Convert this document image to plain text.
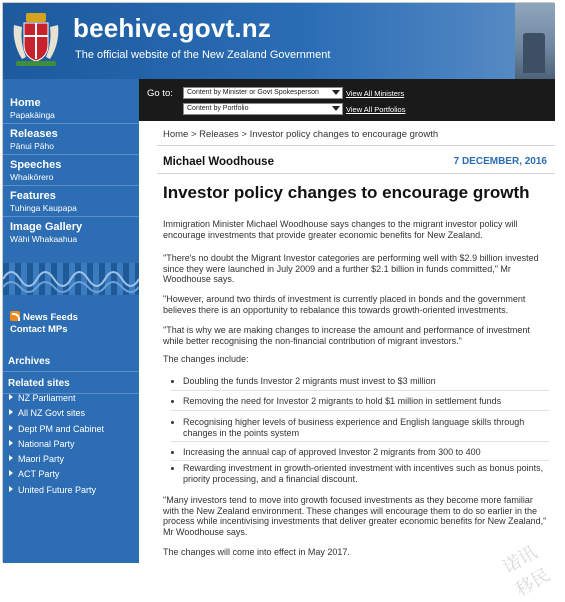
beehive.govt.nz
The official website of the New Zealand Government
Home
Papakāinga
Releases
Pānui Pāho
Speeches
Whaikōrero
Features
Tuhinga Kaupapa
Image Gallery
Wāhi Whakaahua
News Feeds
Contact MPs
Archives
Related sites
NZ Parliament
All NZ Govt sites
Dept PM and Cabinet
National Party
Maori Party
ACT Party
United Future Party
Go to:	Content by Minister or Govt Spokesperson
Content by Portfolio
View All Ministers
View All Portfolios
Home > Releases > Investor policy changes to encourage growth
Michael Woodhouse	7 DECEMBER, 2016
Investor policy changes to encourage growth
Immigration Minister Michael Woodhouse says changes to the migrant investor policy will encourage investments that provide greater economic benefits for New Zealand.
"There's no doubt the Migrant Investor categories are performing well with $2.9 billion invested since they were launched in July 2009 and a further $2.1 billion in funds committed," Mr Woodhouse says.
"However, around two thirds of investment is currently placed in bonds and the government believes there is an opportunity to rebalance this towards growth-oriented investments.
"That is why we are making changes to increase the amount and performance of investment while better recognising the non-financial contribution of migrant investors."
The changes include:
Doubling the funds Investor 2 migrants must invest to $3 million
Removing the need for Investor 2 migrants to hold $1 million in settlement funds
Recognising higher levels of business experience and English language skills through changes in the points system
Increasing the annual cap of approved Investor 2 migrants from 300 to 400
Rewarding investment in growth-oriented investment with incentives such as bonus points, priority processing, and a financial discount.
"Many investors tend to move into growth focused investments as they become more familiar with the New Zealand environment. These changes will encourage them to do so earlier in the process while incentivising investments that deliver greater economic benefits for New Zealand," Mr Woodhouse says.
The changes will come into effect in May 2017.	诺讯移民
